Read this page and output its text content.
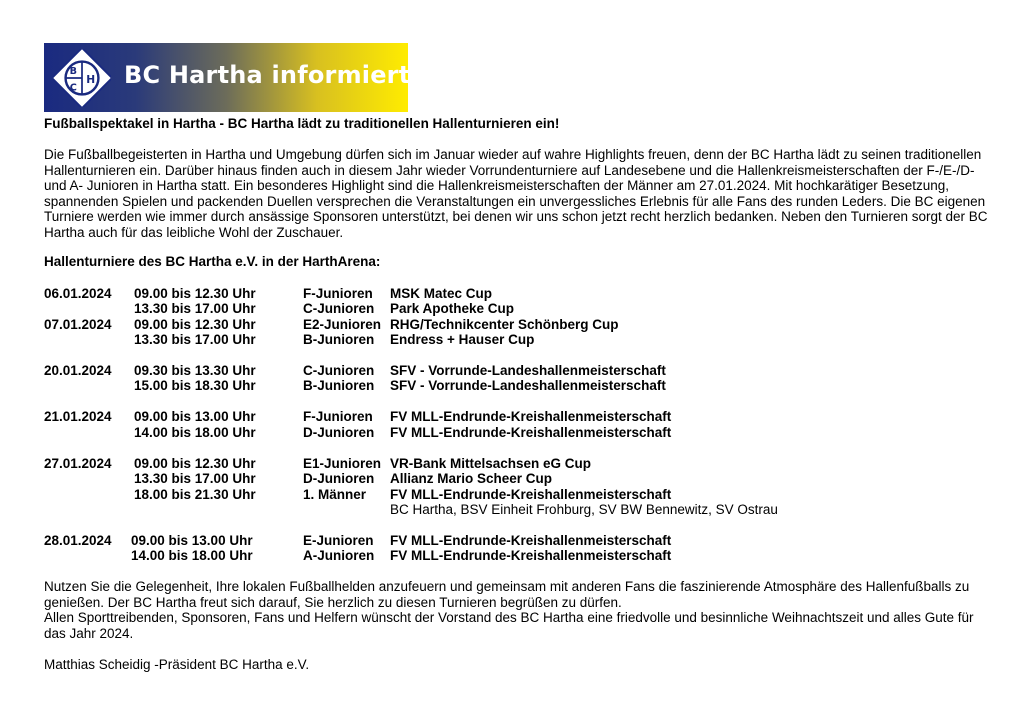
B
C
H BC Hartha informiert
Fußballspektakel in Hartha - BC Hartha lädt zu traditionellen Hallenturnieren ein!
Die Fußballbegeisterten in Hartha und Umgebung dürfen sich im Januar wieder auf wahre Highlights freuen, denn der BC Hartha lädt zu seinen traditionellen Hallenturnieren ein. Darüber hinaus finden auch in diesem Jahr wieder Vorrundenturniere auf Landesebene und die Hallenkreismeisterschaften der F-/E-/D- und A- Junioren in Hartha statt. Ein besonderes Highlight sind die Hallenkreismeisterschaften der Männer am 27.01.2024. Mit hochkarätiger Besetzung, spannenden Spielen und packenden Duellen versprechen die Veranstaltungen ein unvergessliches Erlebnis für alle Fans des runden Leders. Die BC eigenen Turniere werden wie immer durch ansässige Sponsoren unterstützt, bei denen wir uns schon jetzt recht herzlich bedanken. Neben den Turnieren sorgt der BC Hartha auch für das leibliche Wohl der Zuschauer.
Hallenturniere des BC Hartha e.V. in der HarthArena:
06.01.2024 09.00 bis 12.30 Uhr	F-Junioren MSK Matec Cup
13.30 bis 17.00 Uhr	C-Junioren Park Apotheke Cup
07.01.2024 09.00 bis 12.30 Uhr	E2-Junioren RHG/Technikcenter Schönberg Cup
13.30 bis 17.00 Uhr	B-Junioren Endress + Hauser Cup
20.01.2024 09.30 bis 13.30 Uhr	C-Junioren SFV - Vorrunde-Landeshallenmeisterschaft
15.00 bis 18.30 Uhr	B-Junioren SFV - Vorrunde-Landeshallenmeisterschaft
21.01.2024 09.00 bis 13.00 Uhr	F-Junioren FV MLL-Endrunde-Kreishallenmeisterschaft
14.00 bis 18.00 Uhr	D-Junioren FV MLL-Endrunde-Kreishallenmeisterschaft
27.01.2024 09.00 bis 12.30 Uhr	E1-Junioren VR-Bank Mittelsachsen eG Cup
13.30 bis 17.00 Uhr	D-Junioren Allianz Mario Scheer Cup
18.00 bis 21.30 Uhr	1. Männer FV MLL-Endrunde-Kreishallenmeisterschaft
BC Hartha, BSV Einheit Frohburg, SV BW Bennewitz, SV Ostrau
28.01.2024 09.00 bis 13.00 Uhr	E-Junioren FV MLL-Endrunde-Kreishallenmeisterschaft
14.00 bis 18.00 Uhr	A-Junioren FV MLL-Endrunde-Kreishallenmeisterschaft
Nutzen Sie die Gelegenheit, Ihre lokalen Fußballhelden anzufeuern und gemeinsam mit anderen Fans die faszinierende Atmosphäre des Hallenfußballs zu genießen. Der BC Hartha freut sich darauf, Sie herzlich zu diesen Turnieren begrüßen zu dürfen.
Allen Sporttreibenden, Sponsoren, Fans und Helfern wünscht der Vorstand des BC Hartha eine friedvolle und besinnliche Weihnachtszeit und alles Gute für das Jahr 2024.
Matthias Scheidig -Präsident BC Hartha e.V.
